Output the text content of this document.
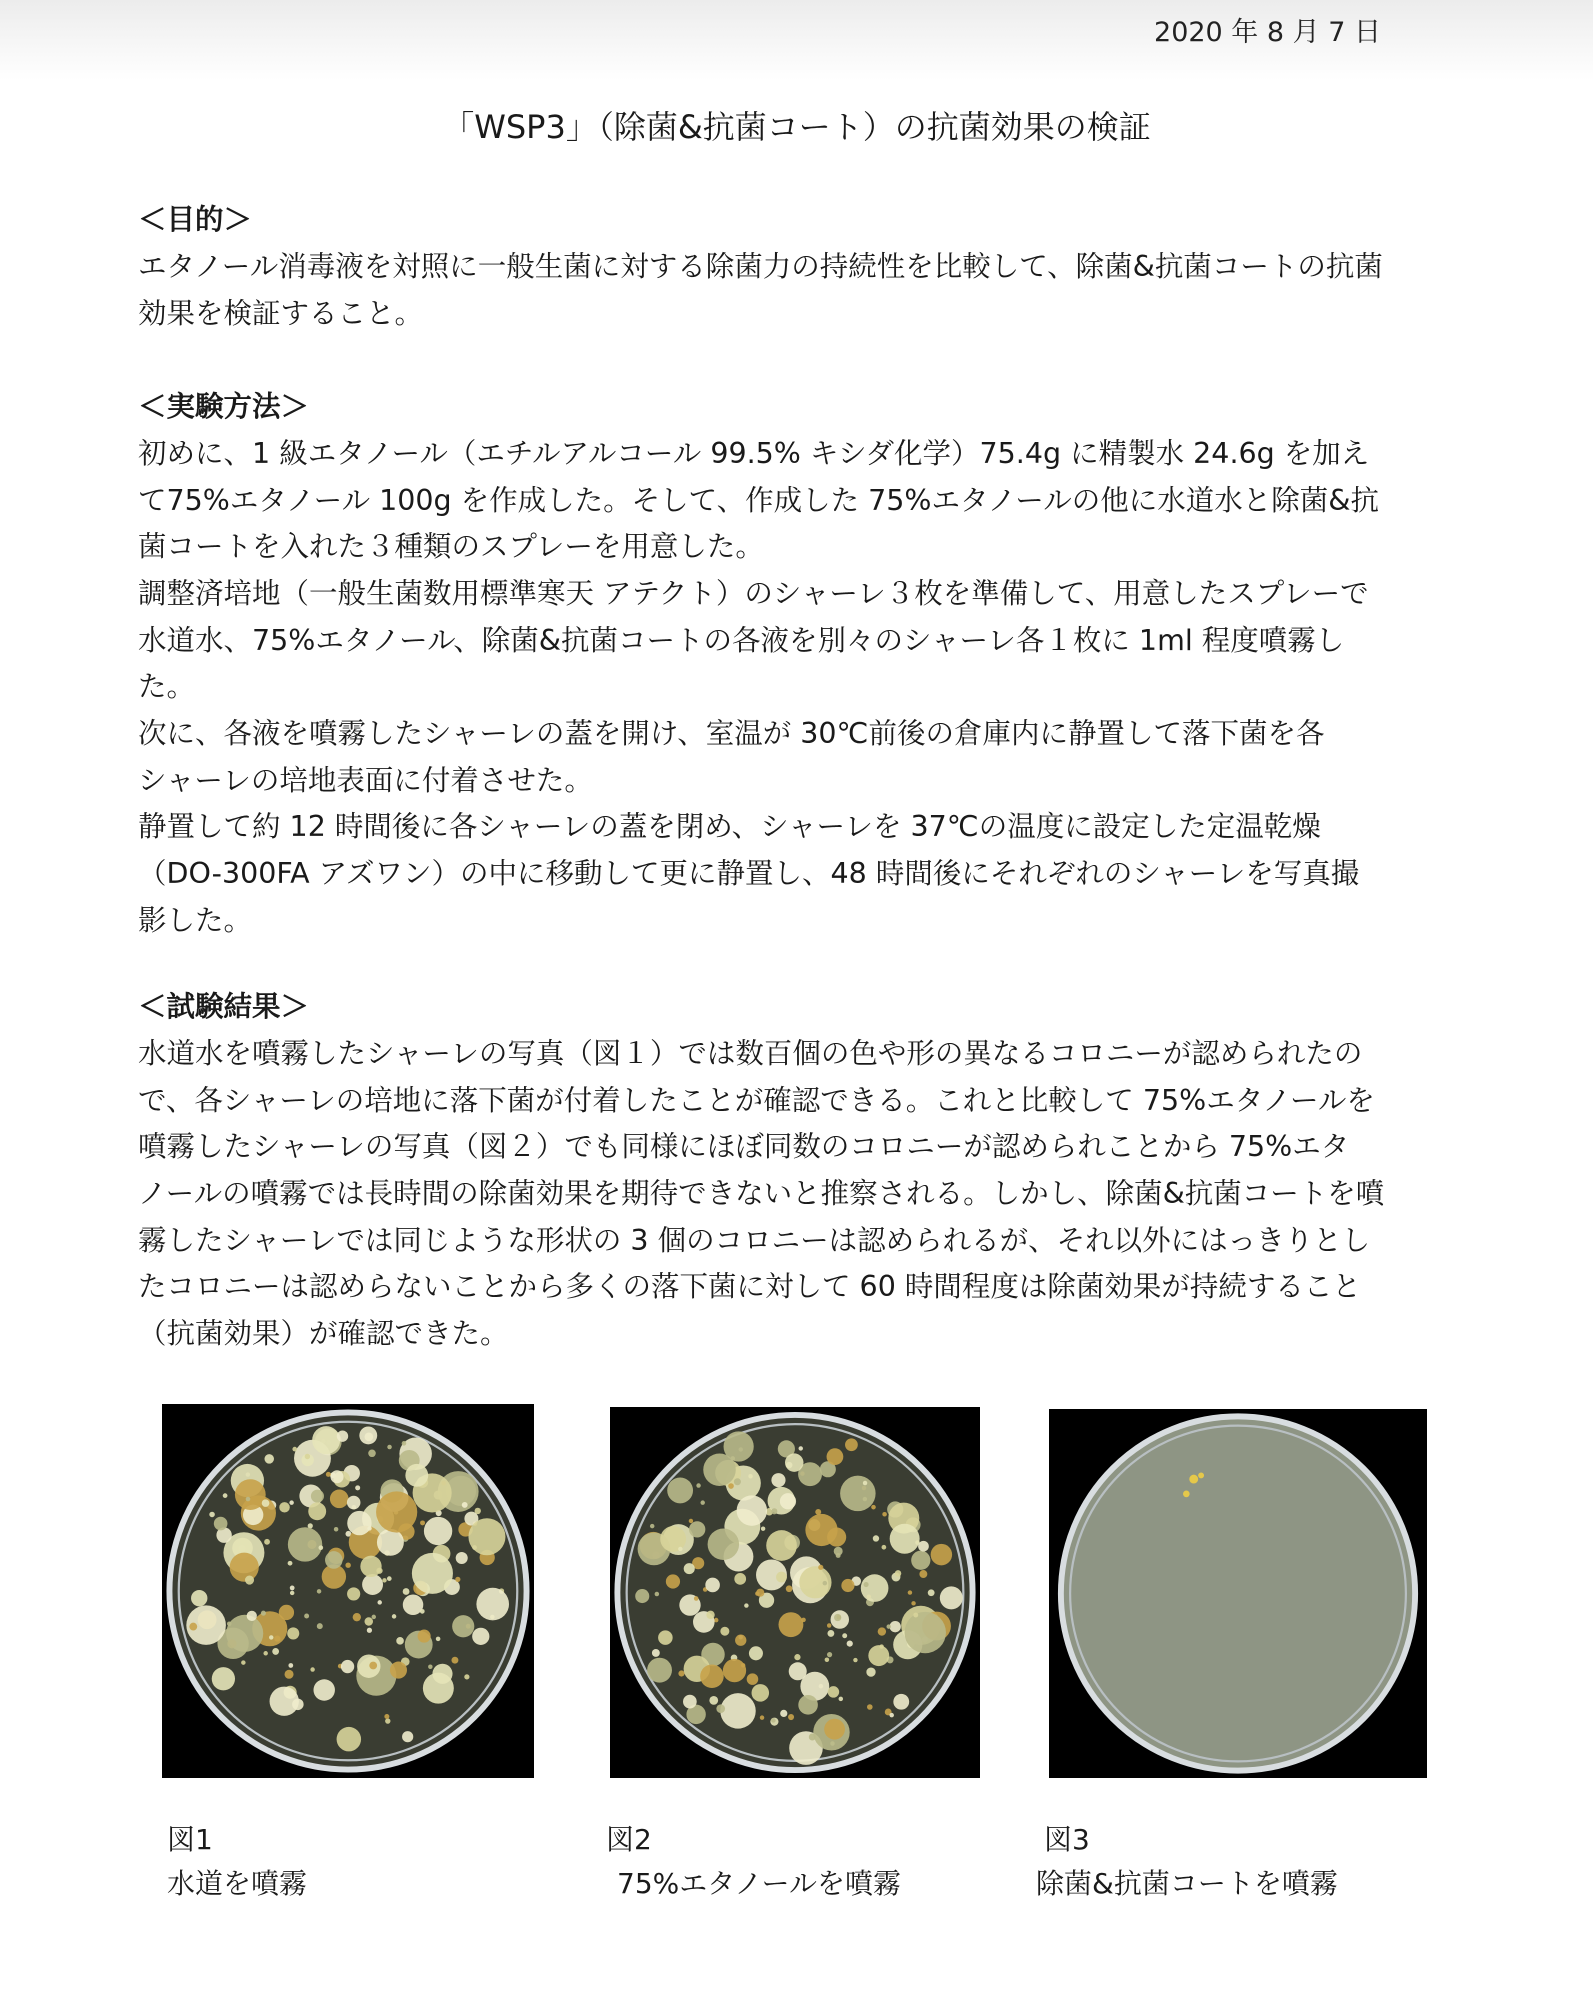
2020 年 8 月 7 日
「WSP3」（除菌&抗菌コート）の抗菌効果の検証
＜目的＞
エタノール消毒液を対照に一般生菌に対する除菌力の持続性を比較して、除菌&抗菌コートの抗菌
効果を検証すること。
＜実験方法＞
初めに、1 級エタノール（エチルアルコール 99.5% キシダ化学）75.4g に精製水 24.6g を加え
て75%エタノール 100g を作成した。そして、作成した 75%エタノールの他に水道水と除菌&抗
菌コートを入れた３種類のスプレーを用意した。
調整済培地（一般生菌数用標準寒天 アテクト）のシャーレ３枚を準備して、用意したスプレーで
水道水、75%エタノール、除菌&抗菌コートの各液を別々のシャーレ各１枚に 1ml 程度噴霧し
た。
次に、各液を噴霧したシャーレの蓋を開け、室温が 30℃前後の倉庫内に静置して落下菌を各
シャーレの培地表面に付着させた。
静置して約 12 時間後に各シャーレの蓋を閉め、シャーレを 37℃の温度に設定した定温乾燥
（DO-300FA アズワン）の中に移動して更に静置し、48 時間後にそれぞれのシャーレを写真撮
影した。
＜試験結果＞
水道水を噴霧したシャーレの写真（図１）では数百個の色や形の異なるコロニーが認められたの
で、各シャーレの培地に落下菌が付着したことが確認できる。これと比較して 75%エタノールを
噴霧したシャーレの写真（図２）でも同様にほぼ同数のコロニーが認められことから 75%エタ
ノールの噴霧では長時間の除菌効果を期待できないと推察される。しかし、除菌&抗菌コートを噴
霧したシャーレでは同じような形状の 3 個のコロニーは認められるが、それ以外にはっきりとし
たコロニーは認めらないことから多くの落下菌に対して 60 時間程度は除菌効果が持続すること
（抗菌効果）が確認できた。
図1
水道を噴霧
図2
75%エタノールを噴霧
図3
除菌&抗菌コートを噴霧
